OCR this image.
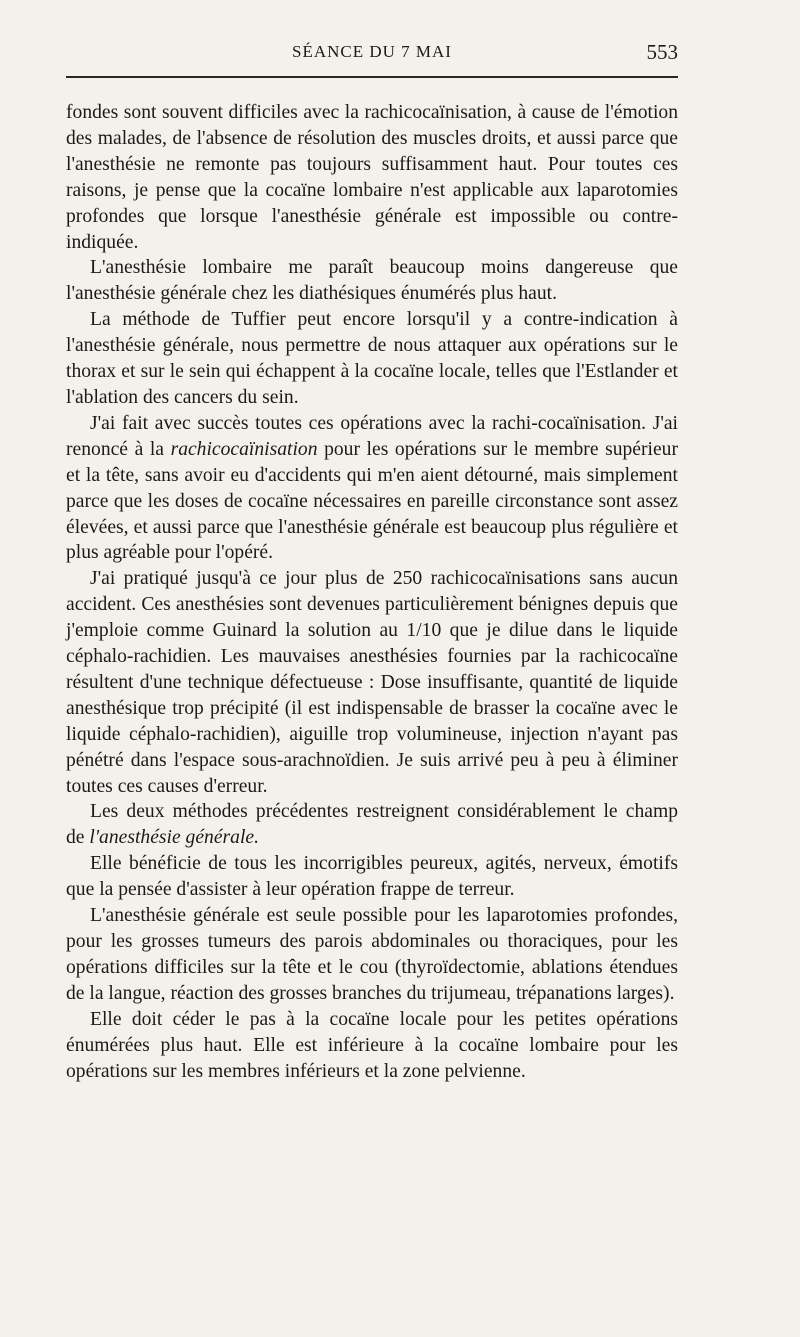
SÉANCE DU 7 MAI	553

fondes sont souvent difficiles avec la rachicocaïnisation, à cause de l'émotion des malades, de l'absence de résolution des muscles droits, et aussi parce que l'anesthésie ne remonte pas toujours suffisamment haut. Pour toutes ces raisons, je pense que la cocaïne lombaire n'est applicable aux laparotomies profondes que lorsque l'anesthésie générale est impossible ou contre-indiquée.

L'anesthésie lombaire me paraît beaucoup moins dangereuse que l'anesthésie générale chez les diathésiques énumérés plus haut.

La méthode de Tuffier peut encore lorsqu'il y a contre-indication à l'anesthésie générale, nous permettre de nous attaquer aux opérations sur le thorax et sur le sein qui échappent à la cocaïne locale, telles que l'Estlander et l'ablation des cancers du sein.

J'ai fait avec succès toutes ces opérations avec la rachi-cocaïnisation. J'ai renoncé à la rachicocaïnisation pour les opérations sur le membre supérieur et la tête, sans avoir eu d'accidents qui m'en aient détourné, mais simplement parce que les doses de cocaïne nécessaires en pareille circonstance sont assez élevées, et aussi parce que l'anesthésie générale est beaucoup plus régulière et plus agréable pour l'opéré.

J'ai pratiqué jusqu'à ce jour plus de 250 rachicocaïnisations sans aucun accident. Ces anesthésies sont devenues particulièrement bénignes depuis que j'emploie comme Guinard la solution au 1/10 que je dilue dans le liquide céphalo-rachidien. Les mauvaises anesthésies fournies par la rachicocaïne résultent d'une technique défectueuse : Dose insuffisante, quantité de liquide anesthésique trop précipité (il est indispensable de brasser la cocaïne avec le liquide céphalo-rachidien), aiguille trop volumineuse, injection n'ayant pas pénétré dans l'espace sous-arachnoïdien. Je suis arrivé peu à peu à éliminer toutes ces causes d'erreur.

Les deux méthodes précédentes restreignent considérablement le champ de l'anesthésie générale.

Elle bénéficie de tous les incorrigibles peureux, agités, nerveux, émotifs que la pensée d'assister à leur opération frappe de terreur.

L'anesthésie générale est seule possible pour les laparotomies profondes, pour les grosses tumeurs des parois abdominales ou thoraciques, pour les opérations difficiles sur la tête et le cou (thyroïdectomie, ablations étendues de la langue, réaction des grosses branches du trijumeau, trépanations larges).

Elle doit céder le pas à la cocaïne locale pour les petites opérations énumérées plus haut. Elle est inférieure à la cocaïne lombaire pour les opérations sur les membres inférieurs et la zone pelvienne.
